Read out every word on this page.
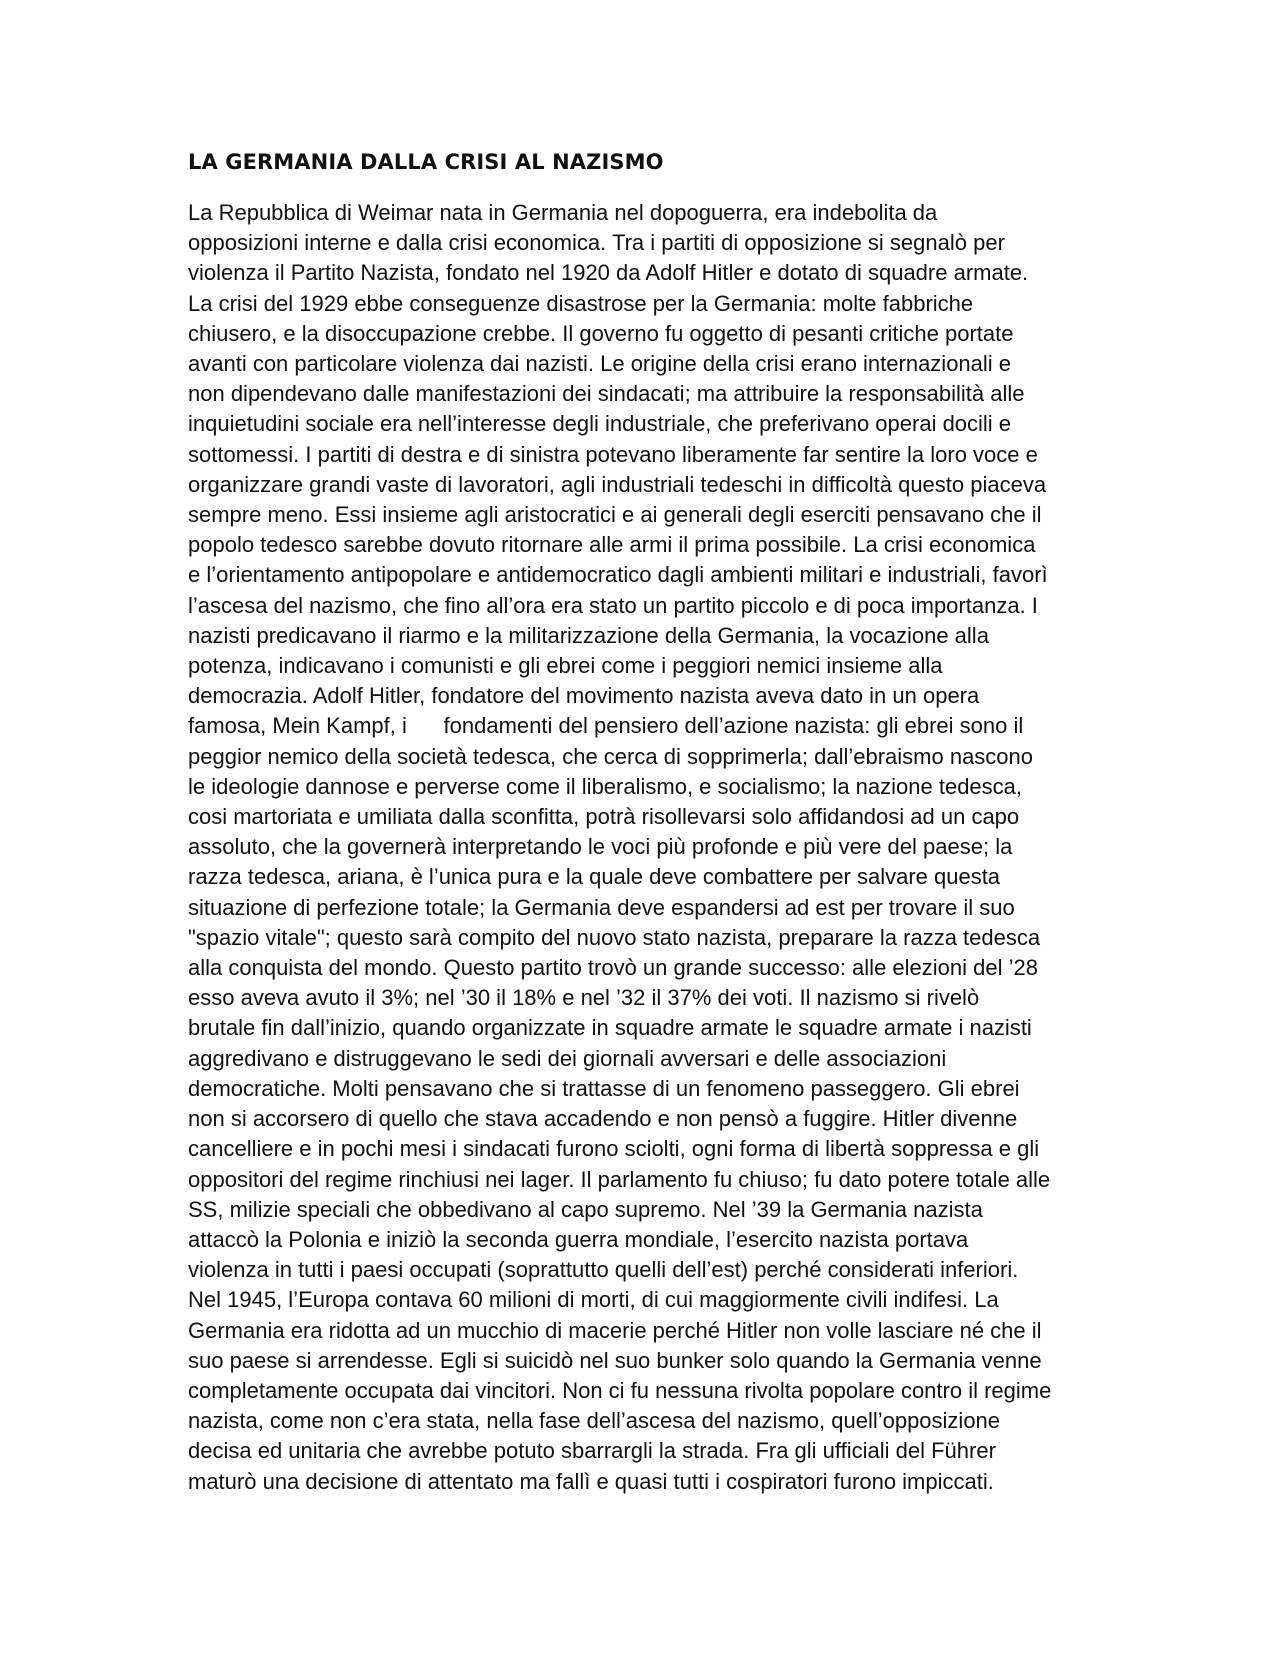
LA GERMANIA DALLA CRISI AL NAZISMO
La Repubblica di Weimar nata in Germania nel dopoguerra, era indebolita da
opposizioni interne e dalla crisi economica. Tra i partiti di opposizione si segnalò per
violenza il Partito Nazista, fondato nel 1920 da Adolf Hitler e dotato di squadre armate.
La crisi del 1929 ebbe conseguenze disastrose per la Germania: molte fabbriche
chiusero, e la disoccupazione crebbe. Il governo fu oggetto di pesanti critiche portate
avanti con particolare violenza dai nazisti. Le origine della crisi erano internazionali e
non dipendevano dalle manifestazioni dei sindacati; ma attribuire la responsabilità alle
inquietudini sociale era nell’interesse degli industriale, che preferivano operai docili e
sottomessi. I partiti di destra e di sinistra potevano liberamente far sentire la loro voce e
organizzare grandi vaste di lavoratori, agli industriali tedeschi in difficoltà questo piaceva
sempre meno. Essi insieme agli aristocratici e ai generali degli eserciti pensavano che il
popolo tedesco sarebbe dovuto ritornare alle armi il prima possibile. La crisi economica
e l’orientamento antipopolare e antidemocratico dagli ambienti militari e industriali, favorì
l’ascesa del nazismo, che fino all’ora era stato un partito piccolo e di poca importanza. I
nazisti predicavano il riarmo e la militarizzazione della Germania, la vocazione alla
potenza, indicavano i comunisti e gli ebrei come i peggiori nemici insieme alla
democrazia. Adolf Hitler, fondatore del movimento nazista aveva dato in un opera
famosa, Mein Kampf, i      fondamenti del pensiero dell’azione nazista: gli ebrei sono il
peggior nemico della società tedesca, che cerca di sopprimerla; dall’ebraismo nascono
le ideologie dannose e perverse come il liberalismo, e socialismo; la nazione tedesca,
cosi martoriata e umiliata dalla sconfitta, potrà risollevarsi solo affidandosi ad un capo
assoluto, che la governerà interpretando le voci più profonde e più vere del paese; la
razza tedesca, ariana, è l’unica pura e la quale deve combattere per salvare questa
situazione di perfezione totale; la Germania deve espandersi ad est per trovare il suo
"spazio vitale"; questo sarà compito del nuovo stato nazista, preparare la razza tedesca
alla conquista del mondo. Questo partito trovò un grande successo: alle elezioni del ’28
esso aveva avuto il 3%; nel ’30 il 18% e nel ’32 il 37% dei voti. Il nazismo si rivelò
brutale fin dall’inizio, quando organizzate in squadre armate le squadre armate i nazisti
aggredivano e distruggevano le sedi dei giornali avversari e delle associazioni
democratiche. Molti pensavano che si trattasse di un fenomeno passeggero. Gli ebrei
non si accorsero di quello che stava accadendo e non pensò a fuggire. Hitler divenne
cancelliere e in pochi mesi i sindacati furono sciolti, ogni forma di libertà soppressa e gli
oppositori del regime rinchiusi nei lager. Il parlamento fu chiuso; fu dato potere totale alle
SS, milizie speciali che obbedivano al capo supremo. Nel ’39 la Germania nazista
attaccò la Polonia e iniziò la seconda guerra mondiale, l’esercito nazista portava
violenza in tutti i paesi occupati (soprattutto quelli dell’est) perché considerati inferiori.
Nel 1945, l’Europa contava 60 milioni di morti, di cui maggiormente civili indifesi. La
Germania era ridotta ad un mucchio di macerie perché Hitler non volle lasciare né che il
suo paese si arrendesse. Egli si suicidò nel suo bunker solo quando la Germania venne
completamente occupata dai vincitori. Non ci fu nessuna rivolta popolare contro il regime
nazista, come non c’era stata, nella fase dell’ascesa del nazismo, quell’opposizione
decisa ed unitaria che avrebbe potuto sbarrargli la strada. Fra gli ufficiali del Führer
maturò una decisione di attentato ma fallì e quasi tutti i cospiratori furono impiccati.
